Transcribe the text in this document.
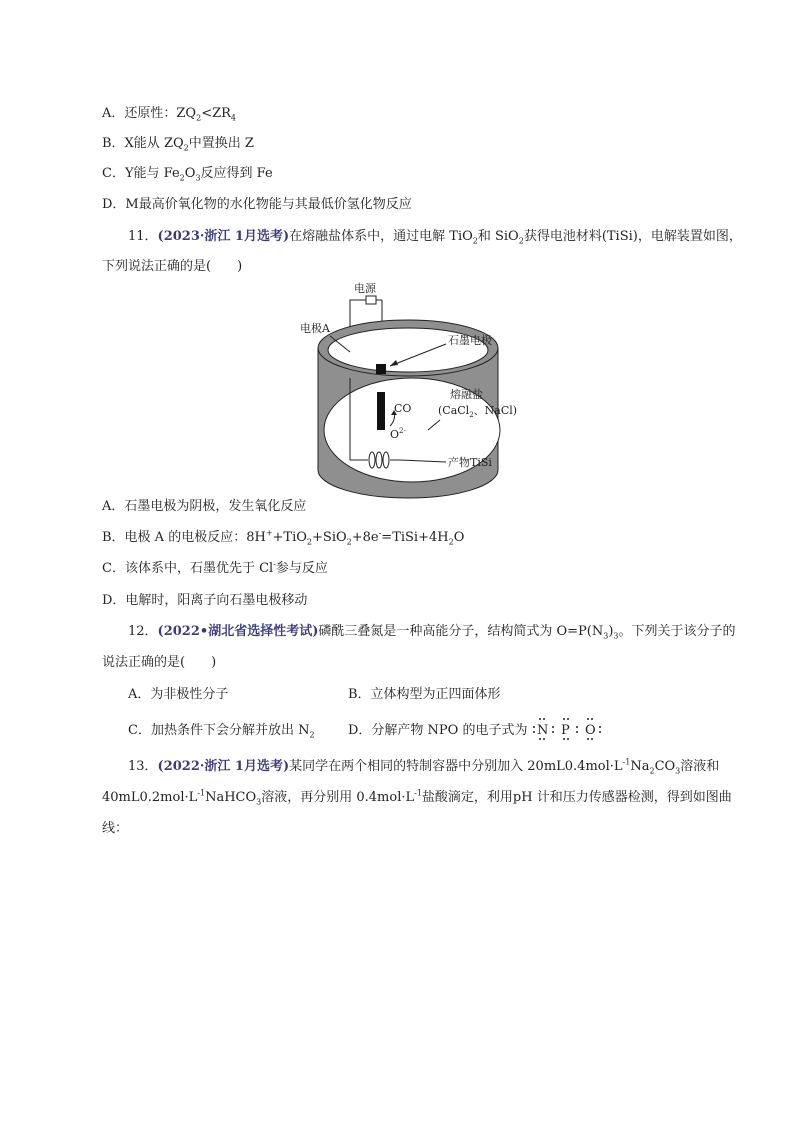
A．还原性：$ZQ_2<ZR_4$
B．X能从 $ZQ_2$中置换出 Z
C．Y能与 $Fe_2O_3$反应得到 Fe
D．M最高价氧化物的水化物能与其最低价氢化物反应
11．(2023·浙江 1月选考)在熔融盐体系中，通过电解 TiO$_2$和 SiO$_2$获得电池材料(TiSi)，电解装置如图，
下列说法正确的是(　　)
电源
CO
$O^{2-}$
电极A
石墨电极
熔融盐
(CaCl$_2$、NaCl)
产物TiSi
A．石墨电极为阴极，发生氧化反应
B．电极 A 的电极反应：$8H^++TiO_2+SiO_2+8e^-=TiSi+4H_2O$
C．该体系中，石墨优先于 Cl-参与反应
D．电解时，阳离子向石墨电极移动
12．(2022•湖北省选择性考试)磷酰三叠氮是一种高能分子，结构简式为 $O=P(N_3)_3$。下列关于该分子的
说法正确的是(　　)
A．为非极性分子	B．立体构型为正四面体形
C．加热条件下会分解并放出 $N_2$	D．分解产物 NPO 的电子式为 N P O
13．(2022·浙江 1月选考)某同学在两个相同的特制容器中分别加入 $20mL0.4mol\cdot L^{-1}Na_2CO_3$溶液和
$40mL0.2mol\cdot L^{-1}NaHCO_3$溶液，再分别用 $0.4mol\cdot L^{-1}$盐酸滴定，利用pH 计和压力传感器检测，得到如图曲
线：
